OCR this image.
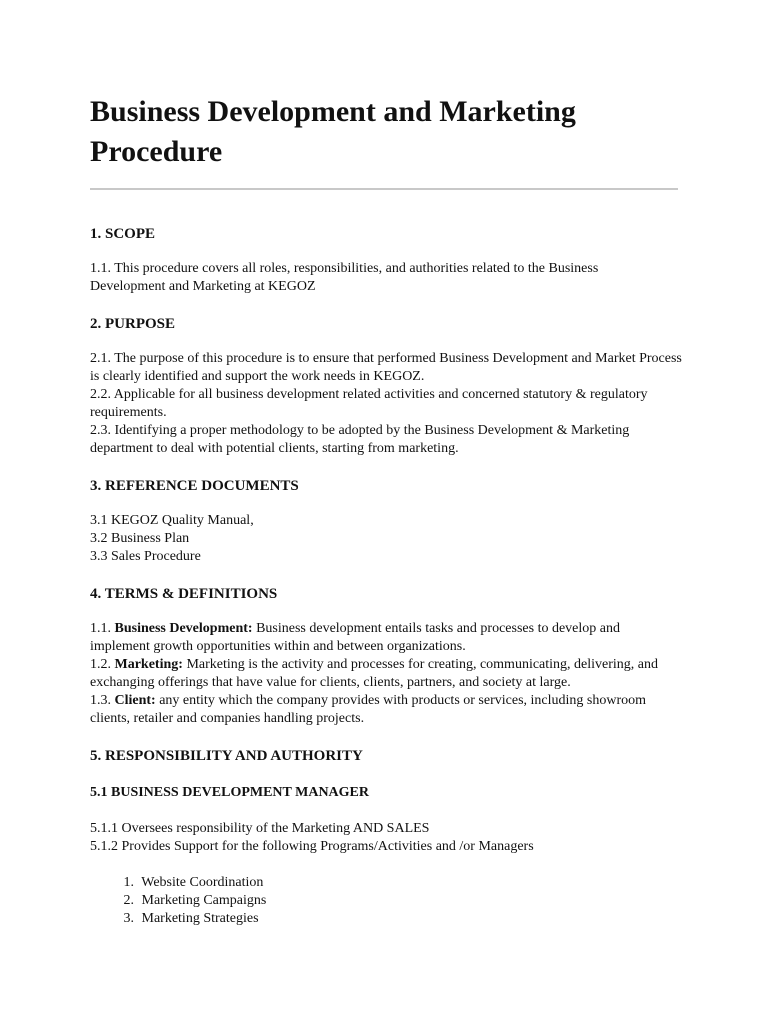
Business Development and Marketing Procedure
1. SCOPE

1.1. This procedure covers all roles, responsibilities, and authorities related to the Business Development and Marketing at KEGOZ

2. PURPOSE

2.1. The purpose of this procedure is to ensure that performed Business Development and Market Process is clearly identified and support the work needs in KEGOZ.

2.2. Applicable for all business development related activities and concerned statutory & regulatory requirements.

2.3. Identifying a proper methodology to be adopted by the Business Development & Marketing department to deal with potential clients, starting from marketing.

3. REFERENCE DOCUMENTS

3.1 KEGOZ Quality Manual,

3.2 Business Plan

3.3 Sales Procedure

4. TERMS & DEFINITIONS

1.1. Business Development: Business development entails tasks and processes to develop and implement growth opportunities within and between organizations.

1.2. Marketing: Marketing is the activity and processes for creating, communicating, delivering, and exchanging offerings that have value for clients, clients, partners, and society at large.

1.3. Client: any entity which the company provides with products or services, including showroom clients, retailer and companies handling projects.

5. RESPONSIBILITY AND AUTHORITY
5.1 BUSINESS DEVELOPMENT MANAGER

5.1.1 Oversees responsibility of the Marketing AND SALES

5.1.2 Provides Support for the following Programs/Activities and /or Managers

1. Website Coordination
2. Marketing Campaigns
3. Marketing Strategies
